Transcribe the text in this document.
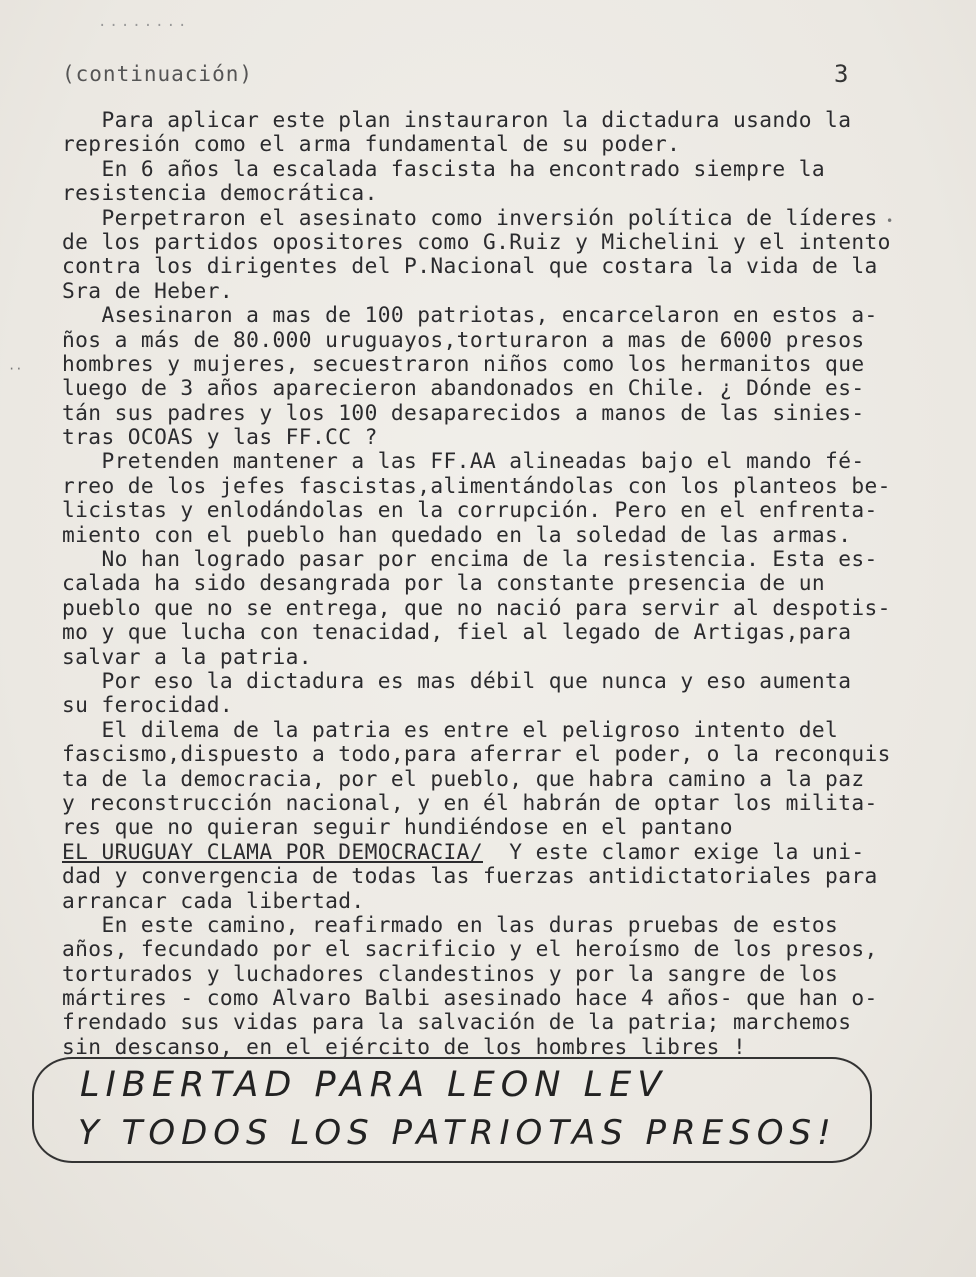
........
(continuación)	3
•
··
Para aplicar este plan instauraron la dictadura usando la
represión como el arma fundamental de su poder.
En 6 años la escalada fascista ha encontrado siempre la
resistencia democrática.
Perpetraron el asesinato como inversión política de líderes
de los partidos opositores como G.Ruiz y Michelini y el intento
contra los dirigentes del P.Nacional que costara la vida de la
Sra de Heber.
Asesinaron a mas de 100 patriotas, encarcelaron en estos a-
ños a más de 80.000 uruguayos,torturaron a mas de 6000 presos
hombres y mujeres, secuestraron niños como los hermanitos que
luego de 3 años aparecieron abandonados en Chile. ¿ Dónde es-
tán sus padres y los 100 desaparecidos a manos de las sinies-
tras OCOAS y las FF.CC ?
Pretenden mantener a las FF.AA alineadas bajo el mando fé-
rreo de los jefes fascistas,alimentándolas con los planteos be-
licistas y enlodándolas en la corrupción. Pero en el enfrenta-
miento con el pueblo han quedado en la soledad de las armas.
No han logrado pasar por encima de la resistencia. Esta es-
calada ha sido desangrada por la constante presencia de un
pueblo que no se entrega, que no nació para servir al despotis-
mo y que lucha con tenacidad, fiel al legado de Artigas,para
salvar a la patria.
Por eso la dictadura es mas débil que nunca y eso aumenta
su ferocidad.
El dilema de la patria es entre el peligroso intento del
fascismo,dispuesto a todo,para aferrar el poder, o la reconquis
ta de la democracia, por el pueblo, que habra camino a la paz
y reconstrucción nacional, y en él habrán de optar los milita-
res que no quieran seguir hundiéndose en el pantano
EL URUGUAY CLAMA POR DEMOCRACIA/  Y este clamor exige la uni-
dad y convergencia de todas las fuerzas antidictatoriales para
arrancar cada libertad.
En este camino, reafirmado en las duras pruebas de estos
años, fecundado por el sacrificio y el heroísmo de los presos,
torturados y luchadores clandestinos y por la sangre de los
mártires - como Alvaro Balbi asesinado hace 4 años- que han o-
frendado sus vidas para la salvación de la patria; marchemos
sin descanso, en el ejército de los hombres libres !
LIBERTAD PARA LEON LEV
Y TODOS LOS PATRIOTAS PRESOS!
